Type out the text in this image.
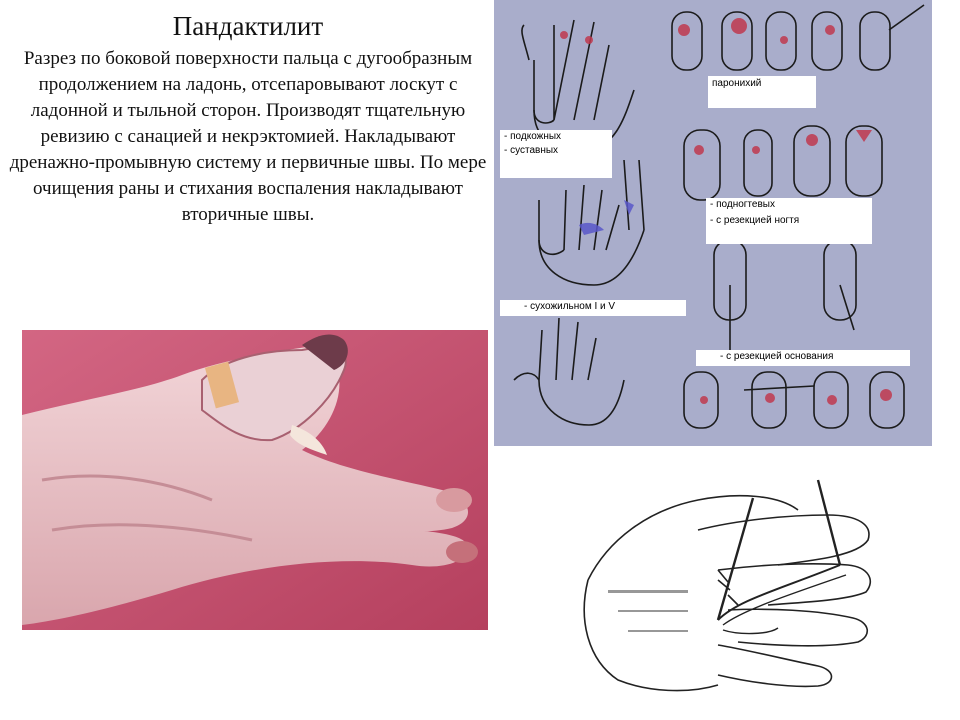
Пандактилит

Разрез по боковой поверхности пальца с дугообразным продолжением на ладонь, отсепаровывают лоскут с ладонной и тыльной сторон. Производят тщательную ревизию с санацией и некрэктомией. Накладывают дренажно-промывную систему и первичные швы. По мере очищения раны и стихания воспаления накладывают вторичные швы.

паронихий
- подкожных
- суставных
- подногтевых
- с резекцией ногтя
- сухожильном I и V
- с резекцией основания
